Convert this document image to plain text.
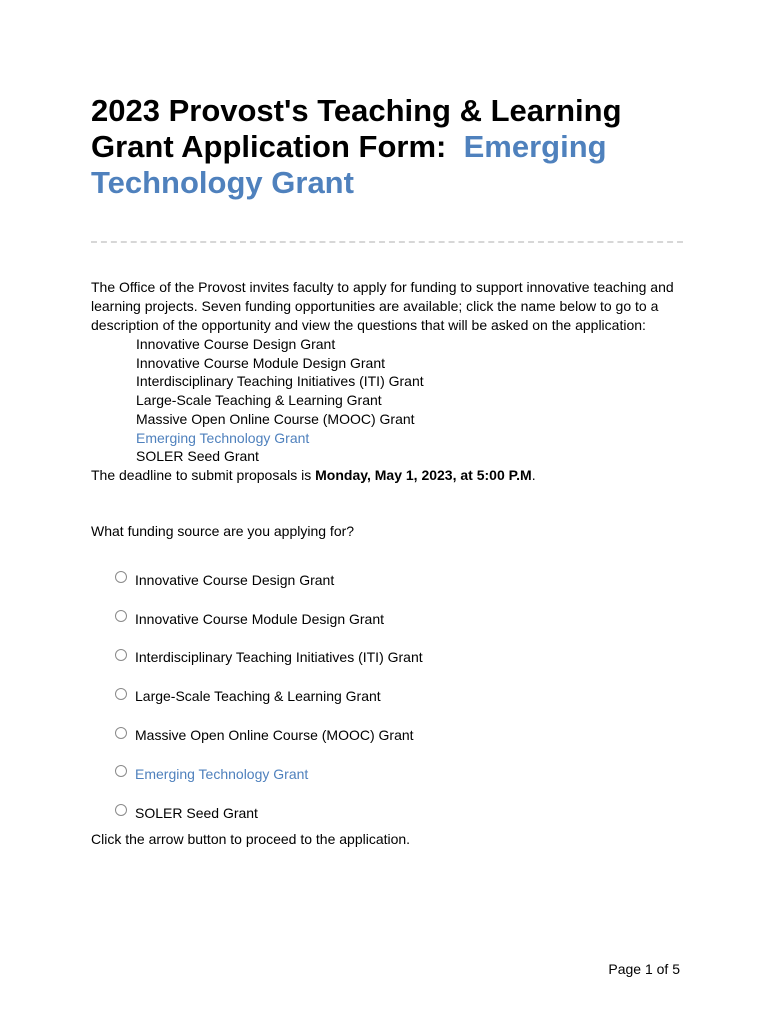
2023 Provost's Teaching & Learning Grant Application Form: Emerging Technology Grant

The Office of the Provost invites faculty to apply for funding to support innovative teaching and learning projects. Seven funding opportunities are available; click the name below to go to a description of the opportunity and view the questions that will be asked on the application:

Innovative Course Design Grant
Innovative Course Module Design Grant
Interdisciplinary Teaching Initiatives (ITI) Grant
Large-Scale Teaching & Learning Grant
Massive Open Online Course (MOOC) Grant
Emerging Technology Grant
SOLER Seed Grant

The deadline to submit proposals is Monday, May 1, 2023, at 5:00 P.M.

What funding source are you applying for?

Innovative Course Design Grant
Innovative Course Module Design Grant
Interdisciplinary Teaching Initiatives (ITI) Grant
Large-Scale Teaching & Learning Grant
Massive Open Online Course (MOOC) Grant
Emerging Technology Grant
SOLER Seed Grant

Click the arrow button to proceed to the application.

Page 1 of 5
